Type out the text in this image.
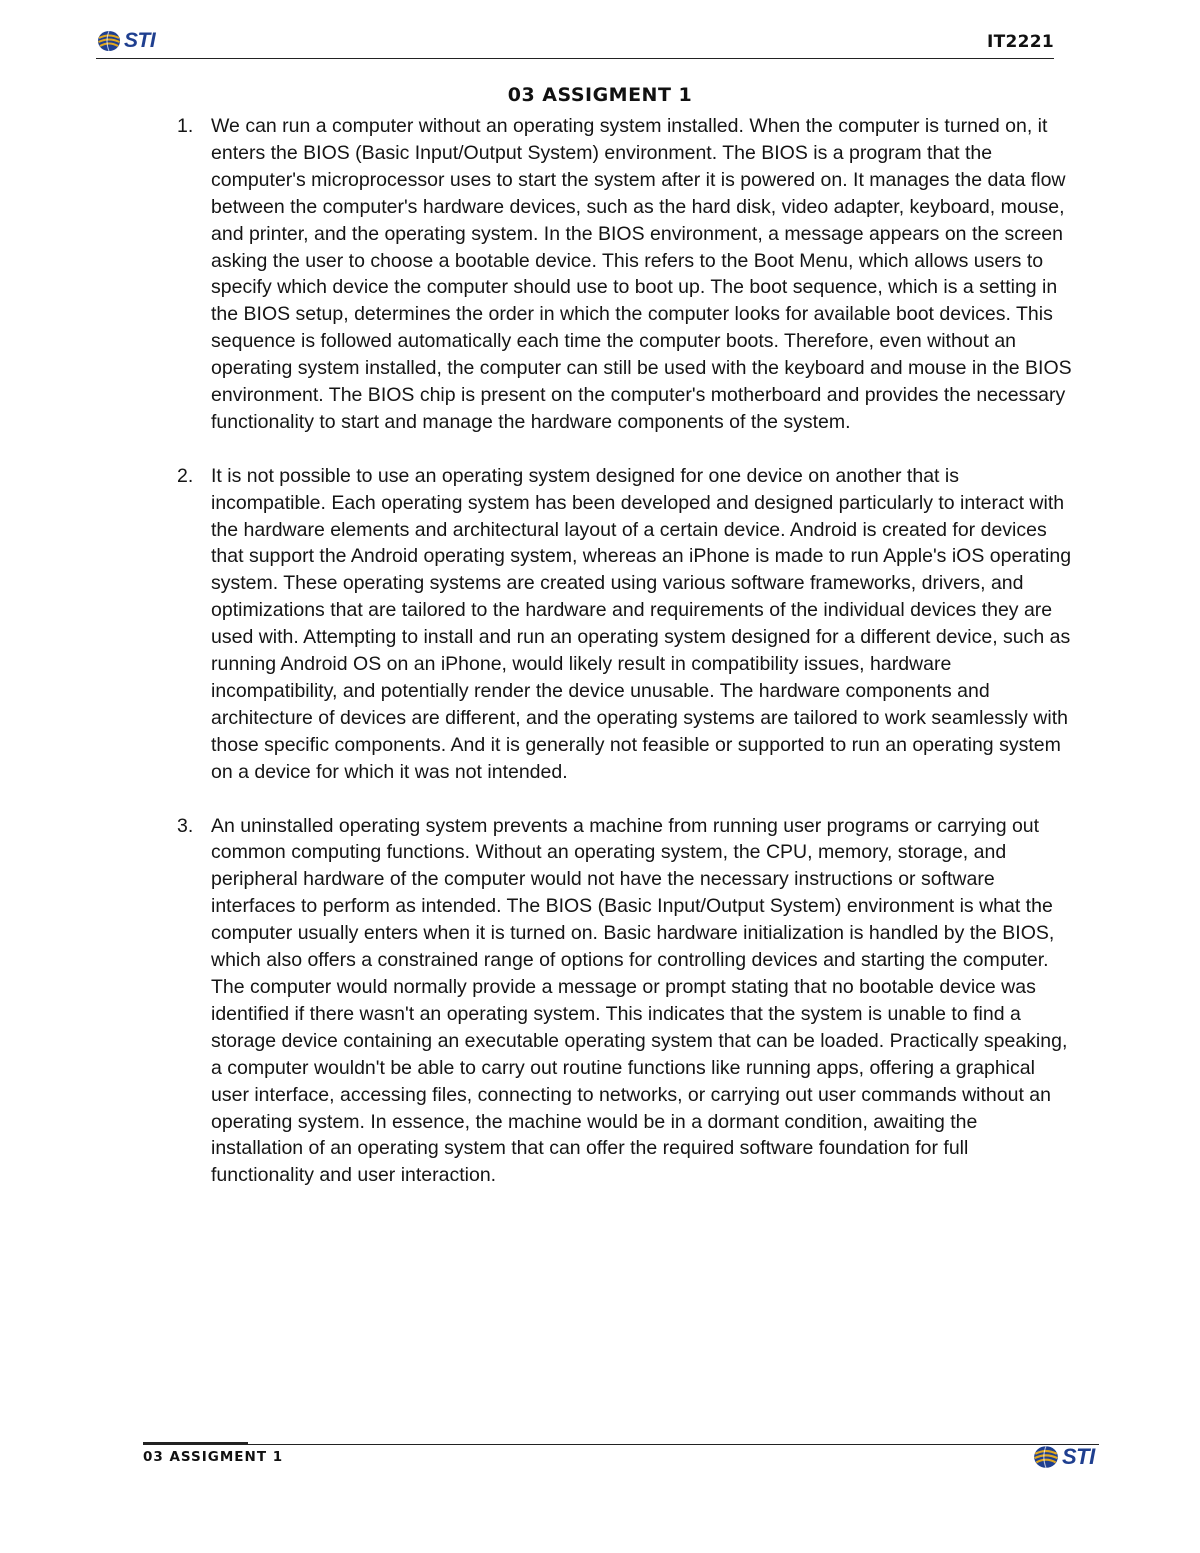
STI	IT2221
03 ASSIGMENT 1
1. We can run a computer without an operating system installed. When the computer is turned on, it enters the BIOS (Basic Input/Output System) environment. The BIOS is a program that the computer's microprocessor uses to start the system after it is powered on. It manages the data flow between the computer's hardware devices, such as the hard disk, video adapter, keyboard, mouse, and printer, and the operating system. In the BIOS environment, a message appears on the screen asking the user to choose a bootable device. This refers to the Boot Menu, which allows users to specify which device the computer should use to boot up. The boot sequence, which is a setting in the BIOS setup, determines the order in which the computer looks for available boot devices. This sequence is followed automatically each time the computer boots. Therefore, even without an operating system installed, the computer can still be used with the keyboard and mouse in the BIOS environment. The BIOS chip is present on the computer's motherboard and provides the necessary functionality to start and manage the hardware components of the system.
2. It is not possible to use an operating system designed for one device on another that is incompatible. Each operating system has been developed and designed particularly to interact with the hardware elements and architectural layout of a certain device. Android is created for devices that support the Android operating system, whereas an iPhone is made to run Apple's iOS operating system. These operating systems are created using various software frameworks, drivers, and optimizations that are tailored to the hardware and requirements of the individual devices they are used with. Attempting to install and run an operating system designed for a different device, such as running Android OS on an iPhone, would likely result in compatibility issues, hardware incompatibility, and potentially render the device unusable. The hardware components and architecture of devices are different, and the operating systems are tailored to work seamlessly with those specific components. And it is generally not feasible or supported to run an operating system on a device for which it was not intended.
3. An uninstalled operating system prevents a machine from running user programs or carrying out common computing functions. Without an operating system, the CPU, memory, storage, and peripheral hardware of the computer would not have the necessary instructions or software interfaces to perform as intended. The BIOS (Basic Input/Output System) environment is what the computer usually enters when it is turned on. Basic hardware initialization is handled by the BIOS, which also offers a constrained range of options for controlling devices and starting the computer. The computer would normally provide a message or prompt stating that no bootable device was identified if there wasn't an operating system. This indicates that the system is unable to find a storage device containing an executable operating system that can be loaded. Practically speaking, a computer wouldn't be able to carry out routine functions like running apps, offering a graphical user interface, accessing files, connecting to networks, or carrying out user commands without an operating system. In essence, the machine would be in a dormant condition, awaiting the installation of an operating system that can offer the required software foundation for full functionality and user interaction.
03 ASSIGMENT 1	STI
